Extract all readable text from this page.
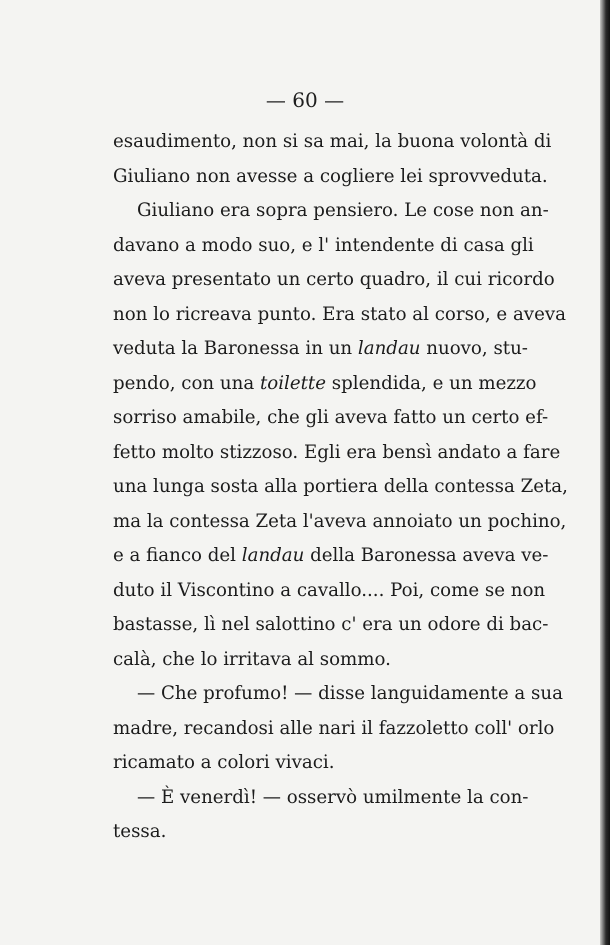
— 60 —
esaudimento, non si sa mai, la buona volontà di
Giuliano non avesse a cogliere lei sprovveduta.
Giuliano era sopra pensiero. Le cose non an-
davano a modo suo, e l' intendente di casa gli
aveva presentato un certo quadro, il cui ricordo
non lo ricreava punto. Era stato al corso, e aveva
veduta la Baronessa in un landau nuovo, stu-
pendo, con una toilette splendida, e un mezzo
sorriso amabile, che gli aveva fatto un certo ef-
fetto molto stizzoso. Egli era bensì andato a fare
una lunga sosta alla portiera della contessa Zeta,
ma la contessa Zeta l'aveva annoiato un pochino,
e a fianco del landau della Baronessa aveva ve-
duto il Viscontino a cavallo.... Poi, come se non
bastasse, lì nel salottino c' era un odore di bac-
calà, che lo irritava al sommo.
— Che profumo! — disse languidamente a sua
madre, recandosi alle nari il fazzoletto coll' orlo
ricamato a colori vivaci.
— È venerdì! — osservò umilmente la con-
tessa.
